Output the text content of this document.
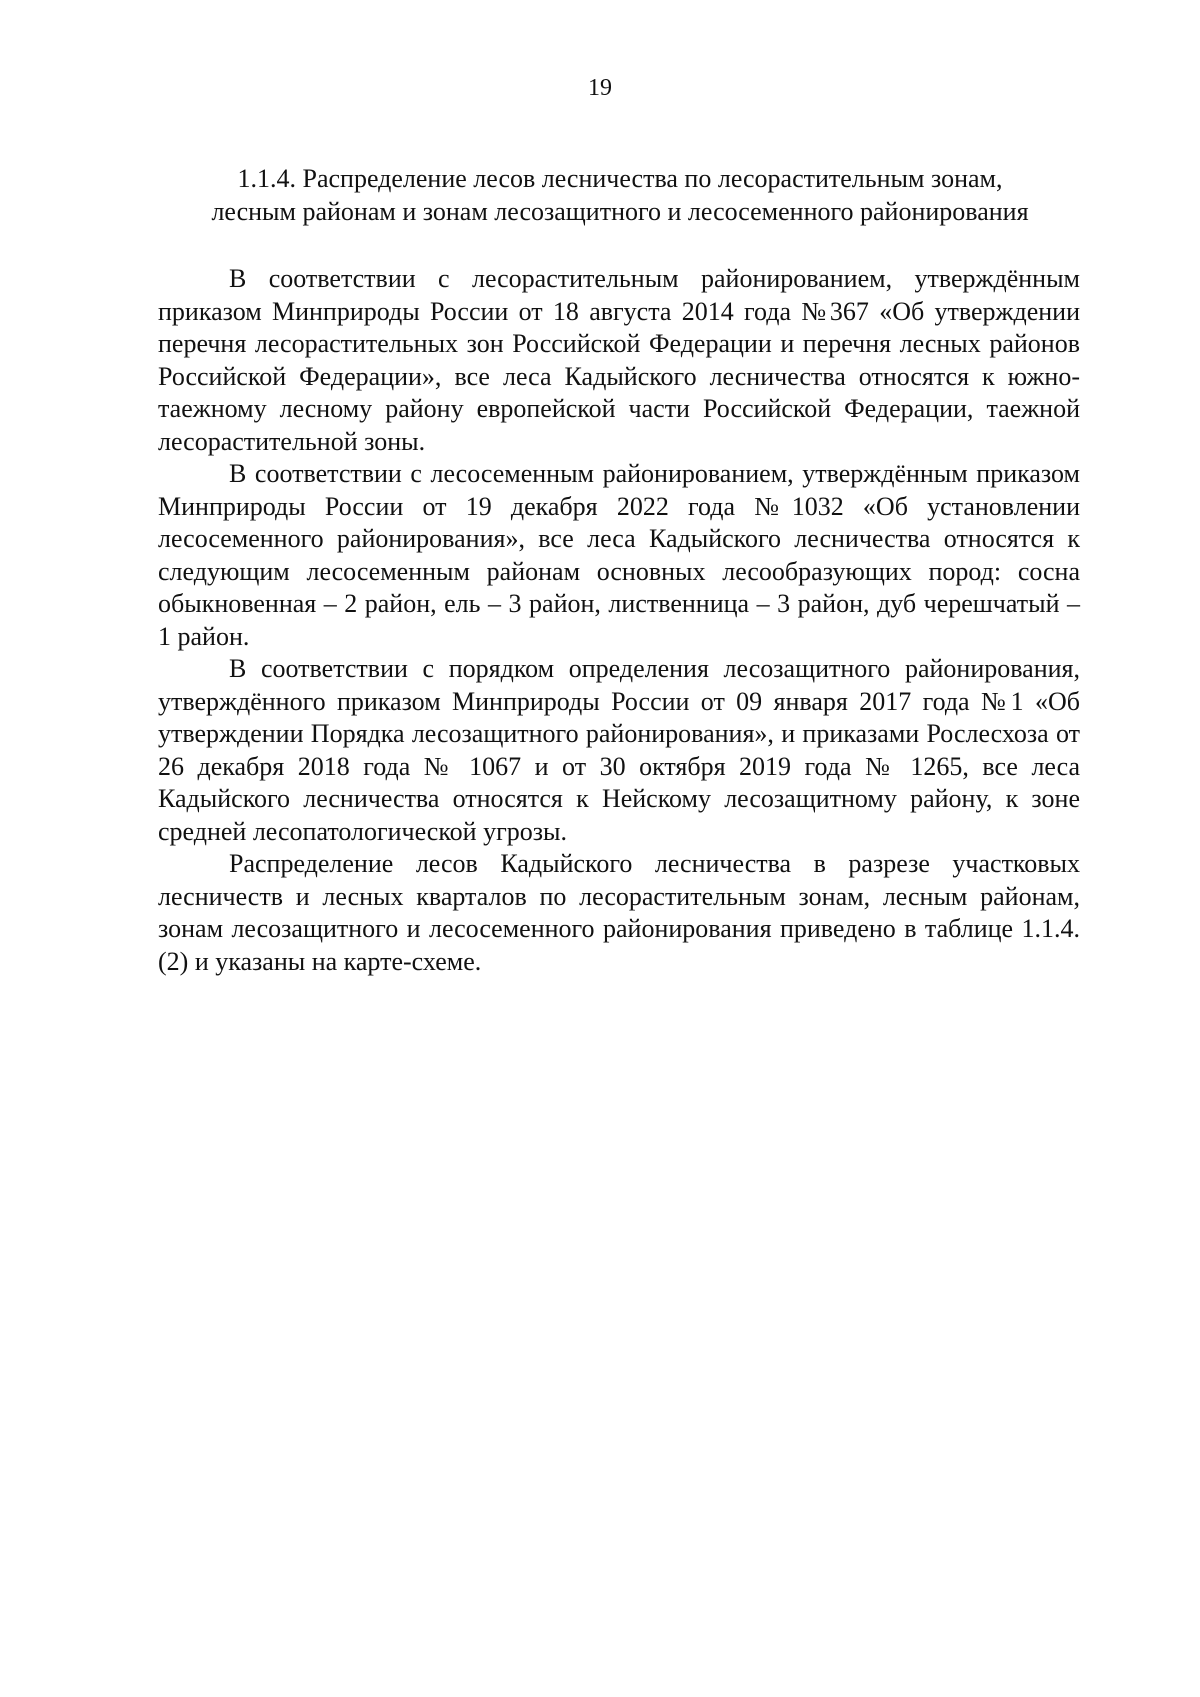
19
1.1.4. Распределение лесов лесничества по лесорастительным зонам,
лесным районам и зонам лесозащитного и лесосеменного районирования

В соответствии с лесорастительным районированием, утверждённым приказом Минприроды России от 18 августа 2014 года №367 «Об утверждении перечня лесорастительных зон Российской Федерации и перечня лесных районов Российской Федерации», все леса Кадыйского лесничества относятся к южно-таежному лесному району европейской части Российской Федерации, таежной лесорастительной зоны.

В соответствии с лесосеменным районированием, утверждённым приказом Минприроды России от 19 декабря 2022 года №1032 «Об установлении лесосеменного районирования», все леса Кадыйского лесничества относятся к следующим лесосеменным районам основных лесообразующих пород: сосна обыкновенная – 2 район, ель – 3 район, лиственница – 3 район, дуб черешчатый – 1 район.

В соответствии с порядком определения лесозащитного районирования, утверждённого приказом Минприроды России от 09 января 2017 года №1 «Об утверждении Порядка лесозащитного районирования», и приказами Рослесхоза от 26 декабря 2018 года № 1067 и от 30 октября 2019 года № 1265, все леса Кадыйского лесничества относятся к Нейскому лесозащитному району, к зоне средней лесопатологической угрозы.

Распределение лесов Кадыйского лесничества в разрезе участковых лесничеств и лесных кварталов по лесорастительным зонам, лесным районам, зонам лесозащитного и лесосеменного районирования приведено в таблице 1.1.4.(2) и указаны на карте-схеме.
